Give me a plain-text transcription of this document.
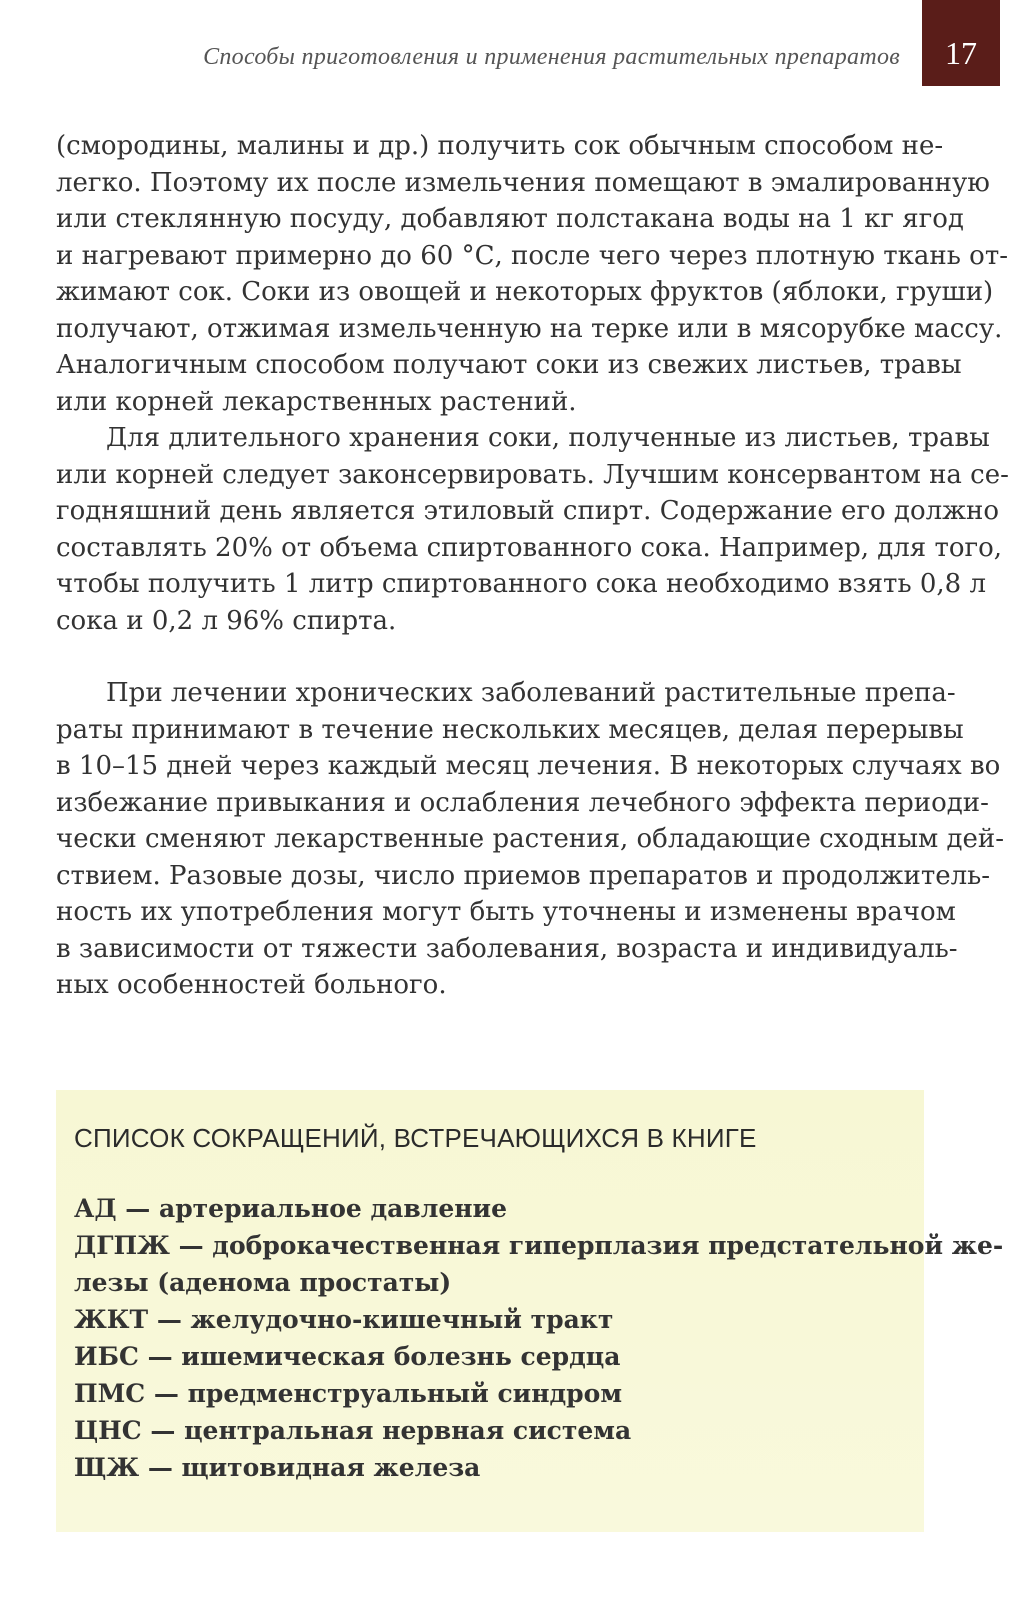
Способы приготовления и применения растительных препаратов	17
(смородины, малины и др.) получить сок обычным способом не-
легко. Поэтому их после измельчения помещают в эмалированную
или стеклянную посуду, добавляют полстакана воды на 1 кг ягод
и нагревают примерно до 60 °С, после чего через плотную ткань от-
жимают сок. Соки из овощей и некоторых фруктов (яблоки, груши)
получают, отжимая измельченную на терке или в мясорубке массу.
Аналогичным способом получают соки из свежих листьев, травы
или корней лекарственных растений.
Для длительного хранения соки, полученные из листьев, травы
или корней следует законсервировать. Лучшим консервантом на се-
годняшний день является этиловый спирт. Содержание его должно
составлять 20% от объема спиртованного сока. Например, для того,
чтобы получить 1 литр спиртованного сока необходимо взять 0,8 л
сока и 0,2 л 96% спирта.
При лечении хронических заболеваний растительные препа-
раты принимают в течение нескольких месяцев, делая перерывы
в 10–15 дней через каждый месяц лечения. В некоторых случаях во
избежание привыкания и ослабления лечебного эффекта периоди-
чески сменяют лекарственные растения, обладающие сходным дей-
ствием. Разовые дозы, число приемов препаратов и продолжитель-
ность их употребления могут быть уточнены и изменены врачом
в зависимости от тяжести заболевания, возраста и индивидуаль-
ных особенностей больного.
СПИСОК СОКРАЩЕНИЙ, ВСТРЕЧАЮЩИХСЯ В КНИГЕ
АД — артериальное давление
ДГПЖ — доброкачественная гиперплазия предстательной же-
лезы (аденома простаты)
ЖКТ — желудочно-кишечный тракт
ИБС — ишемическая болезнь сердца
ПМС — предменструальный синдром
ЦНС — центральная нервная система
ЩЖ — щитовидная железа
